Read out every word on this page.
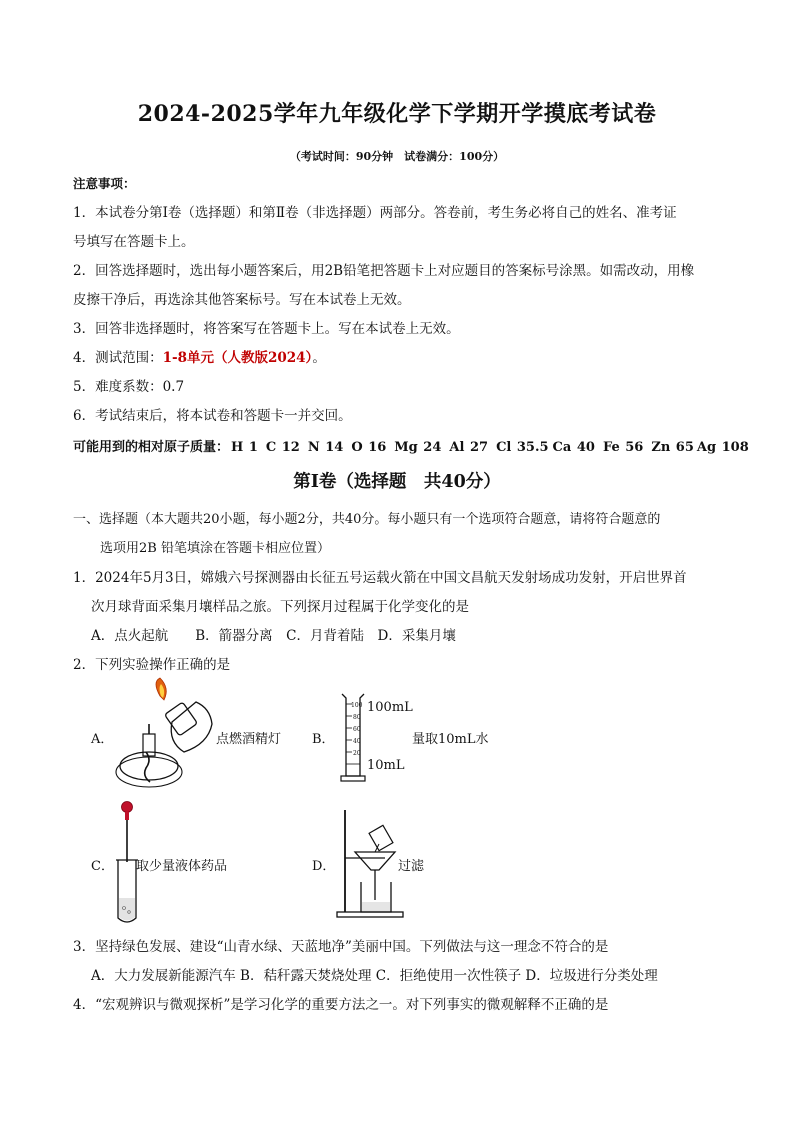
2024-2025学年九年级化学下学期开学摸底考试卷
（考试时间：90分钟　试卷满分：100分）
注意事项：
1．本试卷分第Ⅰ卷（选择题）和第Ⅱ卷（非选择题）两部分。答卷前，考生务必将自己的姓名、准考证
号填写在答题卡上。
2．回答选择题时，选出每小题答案后，用2B铅笔把答题卡上对应题目的答案标号涂黑。如需改动，用橡
皮擦干净后，再选涂其他答案标号。写在本试卷上无效。
3．回答非选择题时，将答案写在答题卡上。写在本试卷上无效。
4．测试范围：1-8单元（人教版2024）。
5．难度系数：0.7
6．考试结束后，将本试卷和答题卡一并交回。
可能用到的相对原子质量： H 1 C 12 N 14 O 16 Mg 24 Al 27 Cl 35.5 Ca 40 Fe 56 Zn 65 Ag 108
第Ⅰ卷（选择题　共40分）
一、选择题（本大题共20小题，每小题2分，共40分。每小题只有一个选项符合题意，请将符合题意的
选项用2B 铅笔填涂在答题卡相应位置）
1．2024年5月3日，嫦娥六号探测器由长征五号运载火箭在中国文昌航天发射场成功发射，开启世界首
次月球背面采集月壤样品之旅。下列探月过程属于化学变化的是
A．点火起航　　B．箭器分离　C．月背着陆　D．采集月壤
2．下列实验操作正确的是
A．	点燃酒精灯 B．
100
80
60
40
20
100mL
10mL
量取10mL水
C． 取少量液体药品	D．	过滤
3．坚持绿色发展、建设“山青水绿、天蓝地净”美丽中国。下列做法与这一理念不符合的是
A．大力发展新能源汽车 B．秸秆露天焚烧处理 C．拒绝使用一次性筷子 D．垃圾进行分类处理
4．“宏观辨识与微观探析”是学习化学的重要方法之一。对下列事实的微观解释不正确的是
